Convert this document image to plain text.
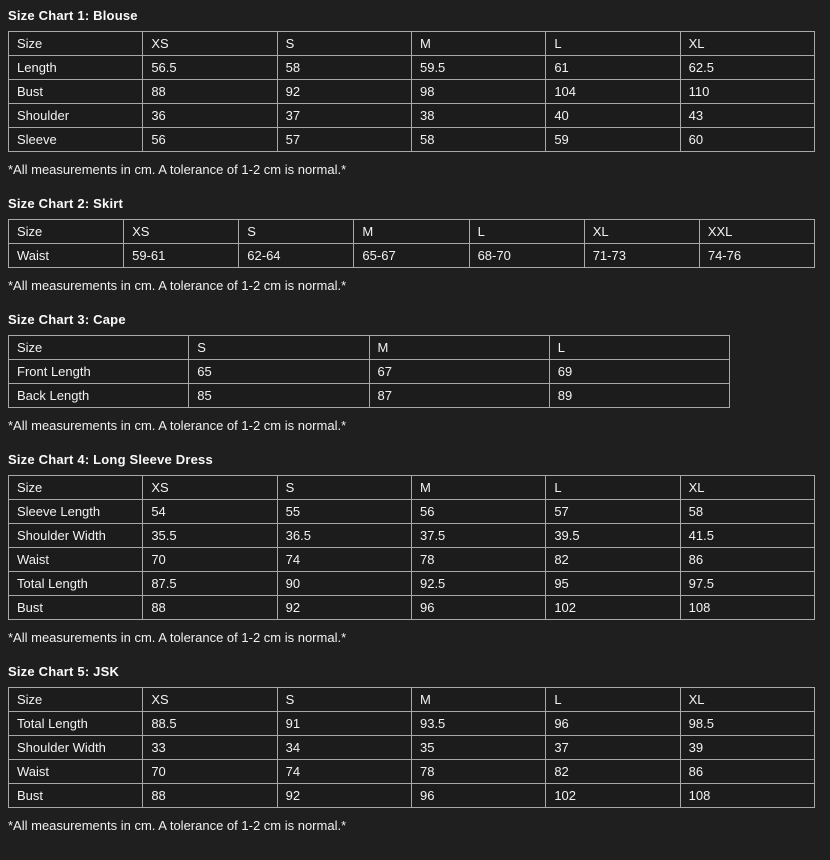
Size Chart 1: Blouse
Size	XS	S	M	L	XL
Length	56.5	58	59.5	61	62.5
Bust	88	92	98	104	110
Shoulder	36	37	38	40	43
Sleeve	56	57	58	59	60

*All measurements in cm. A tolerance of 1-2 cm is normal.*

Size Chart 2: Skirt
Size	XS	S	M	L	XL	XXL
Waist	59-61	62-64	65-67	68-70	71-73	74-76

*All measurements in cm. A tolerance of 1-2 cm is normal.*

Size Chart 3: Cape
Size	S	M	L
Front Length	65	67	69
Back Length	85	87	89

*All measurements in cm. A tolerance of 1-2 cm is normal.*

Size Chart 4: Long Sleeve Dress
Size	XS	S	M	L	XL
Sleeve Length	54	55	56	57	58
Shoulder Width	35.5	36.5	37.5	39.5	41.5
Waist	70	74	78	82	86
Total Length	87.5	90	92.5	95	97.5
Bust	88	92	96	102	108

*All measurements in cm. A tolerance of 1-2 cm is normal.*

Size Chart 5: JSK
Size	XS	S	M	L	XL
Total Length	88.5	91	93.5	96	98.5
Shoulder Width	33	34	35	37	39
Waist	70	74	78	82	86
Bust	88	92	96	102	108

*All measurements in cm. A tolerance of 1-2 cm is normal.*
